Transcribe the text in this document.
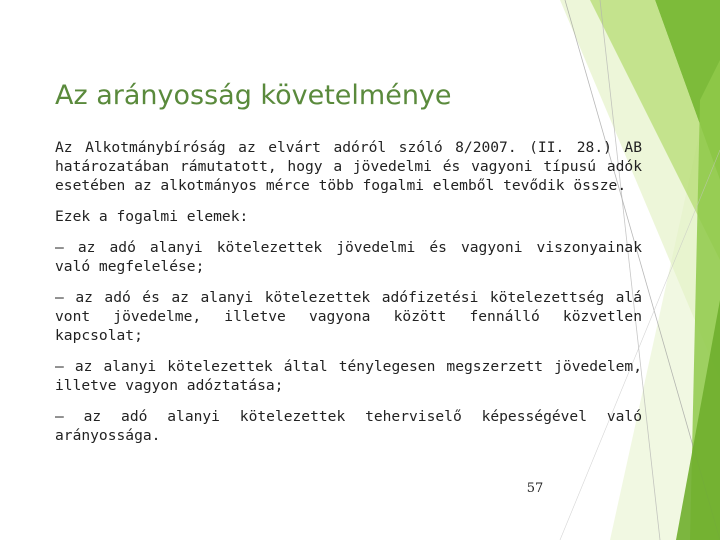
Az arányosság követelménye

Az Alkotmánybíróság az elvárt adóról szóló 8/2007. (II. 28.) AB határozatában rámutatott, hogy a jövedelmi és vagyoni típusú adók esetében az alkotmányos mérce több fogalmi elemből tevődik össze.

Ezek a fogalmi elemek:

– az adó alanyi kötelezettek jövedelmi és vagyoni viszonyainak való megfelelése;

– az adó és az alanyi kötelezettek adófizetési kötelezettség alá vont jövedelme, illetve vagyona között fennálló közvetlen kapcsolat;

– az alanyi kötelezettek által ténylegesen megszerzett jövedelem, illetve vagyon adóztatása;

– az adó alanyi kötelezettek teherviselő képességével való arányossága.

57
